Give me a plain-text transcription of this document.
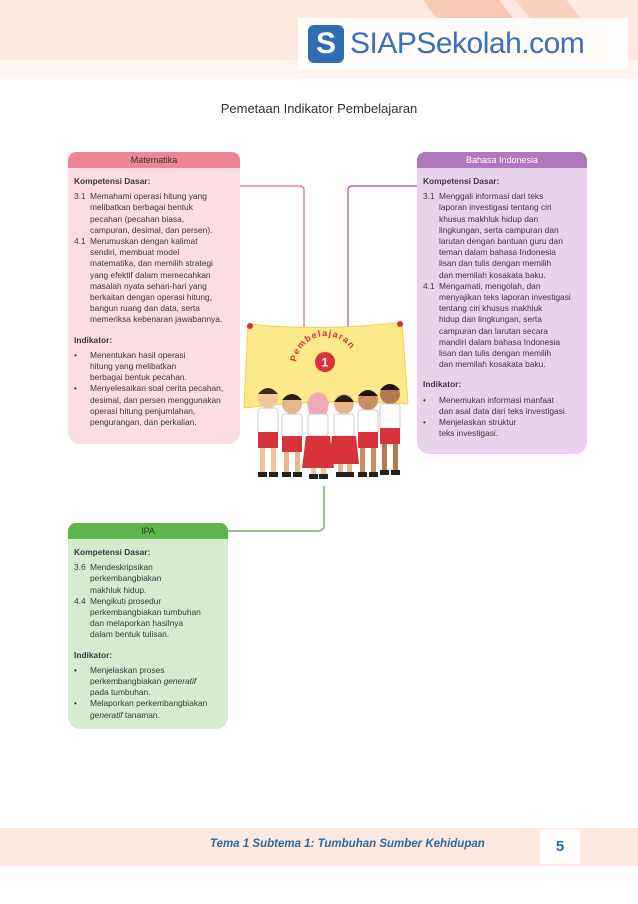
S SIAPSekolah.com
Pemetaan Indikator Pembelajaran
Matematika
Kompetensi Dasar:
3.1 Memahami operasi hitung yang
melibatkan berbagai bentuk
pecahan (pecahan biasa,
campuran, desimal, dan persen).
4.1 Merumuskan dengan kalimat
sendiri, membuat model
matematika, dan memilih strategi
yang efektif dalam memecahkan
masalah nyata sehari-hari yang
berkaitan dengan operasi hitung,
bangun ruang dan data, serta
memeriksa kebenaran jawabannya.
Indikator:
• Menentukan hasil operasi
hitung yang melibatkan
berbagai bentuk pecahan.
• Menyelesaikan soal cerita pecahan,
desimal, dan persen menggunakan
operasi hitung penjumlahan,
pengurangan, dan perkalian.
Bahasa Indonesia
Kompetensi Dasar:
3.1 Menggali informasi dari teks
laporan investigasi tentang ciri
khusus makhluk hidup dan
lingkungan, serta campuran dan
larutan dengan bantuan guru dan
teman dalam bahasa Indonesia
lisan dan tulis dengan memilih
dan memilah kosakata baku.
4.1 Mengamati, mengolah, dan
menyajikan teks laporan investigasi
tentang ciri khusus makhluk
hidup dan lingkungan, serta
campuran dan larutan secara
mandiri dalam bahasa Indonesia
lisan dan tulis dengan memilih
dan memilah kosakata baku.
Indikator:
• Menemukan informasi manfaat
dan asal data dari teks investigasi.
• Menjelaskan struktur
teks investigasi.
IPA
Kompetensi Dasar:
3.6 Mendeskripsikan
perkembangbiakan
makhluk hidup.
4.4 Mengikuti prosedur
perkembangbiakan tumbuhan
dan melaporkan hasilnya
dalam bentuk tulisan.
Indikator:
• Menjelaskan proses
perkembangbiakan generatif
pada tumbuhan.
• Melaporkan perkembangbiakan
generatif tanaman.
Pembelajaran
1
Tema 1 Subtema 1: Tumbuhan Sumber Kehidupan	5
